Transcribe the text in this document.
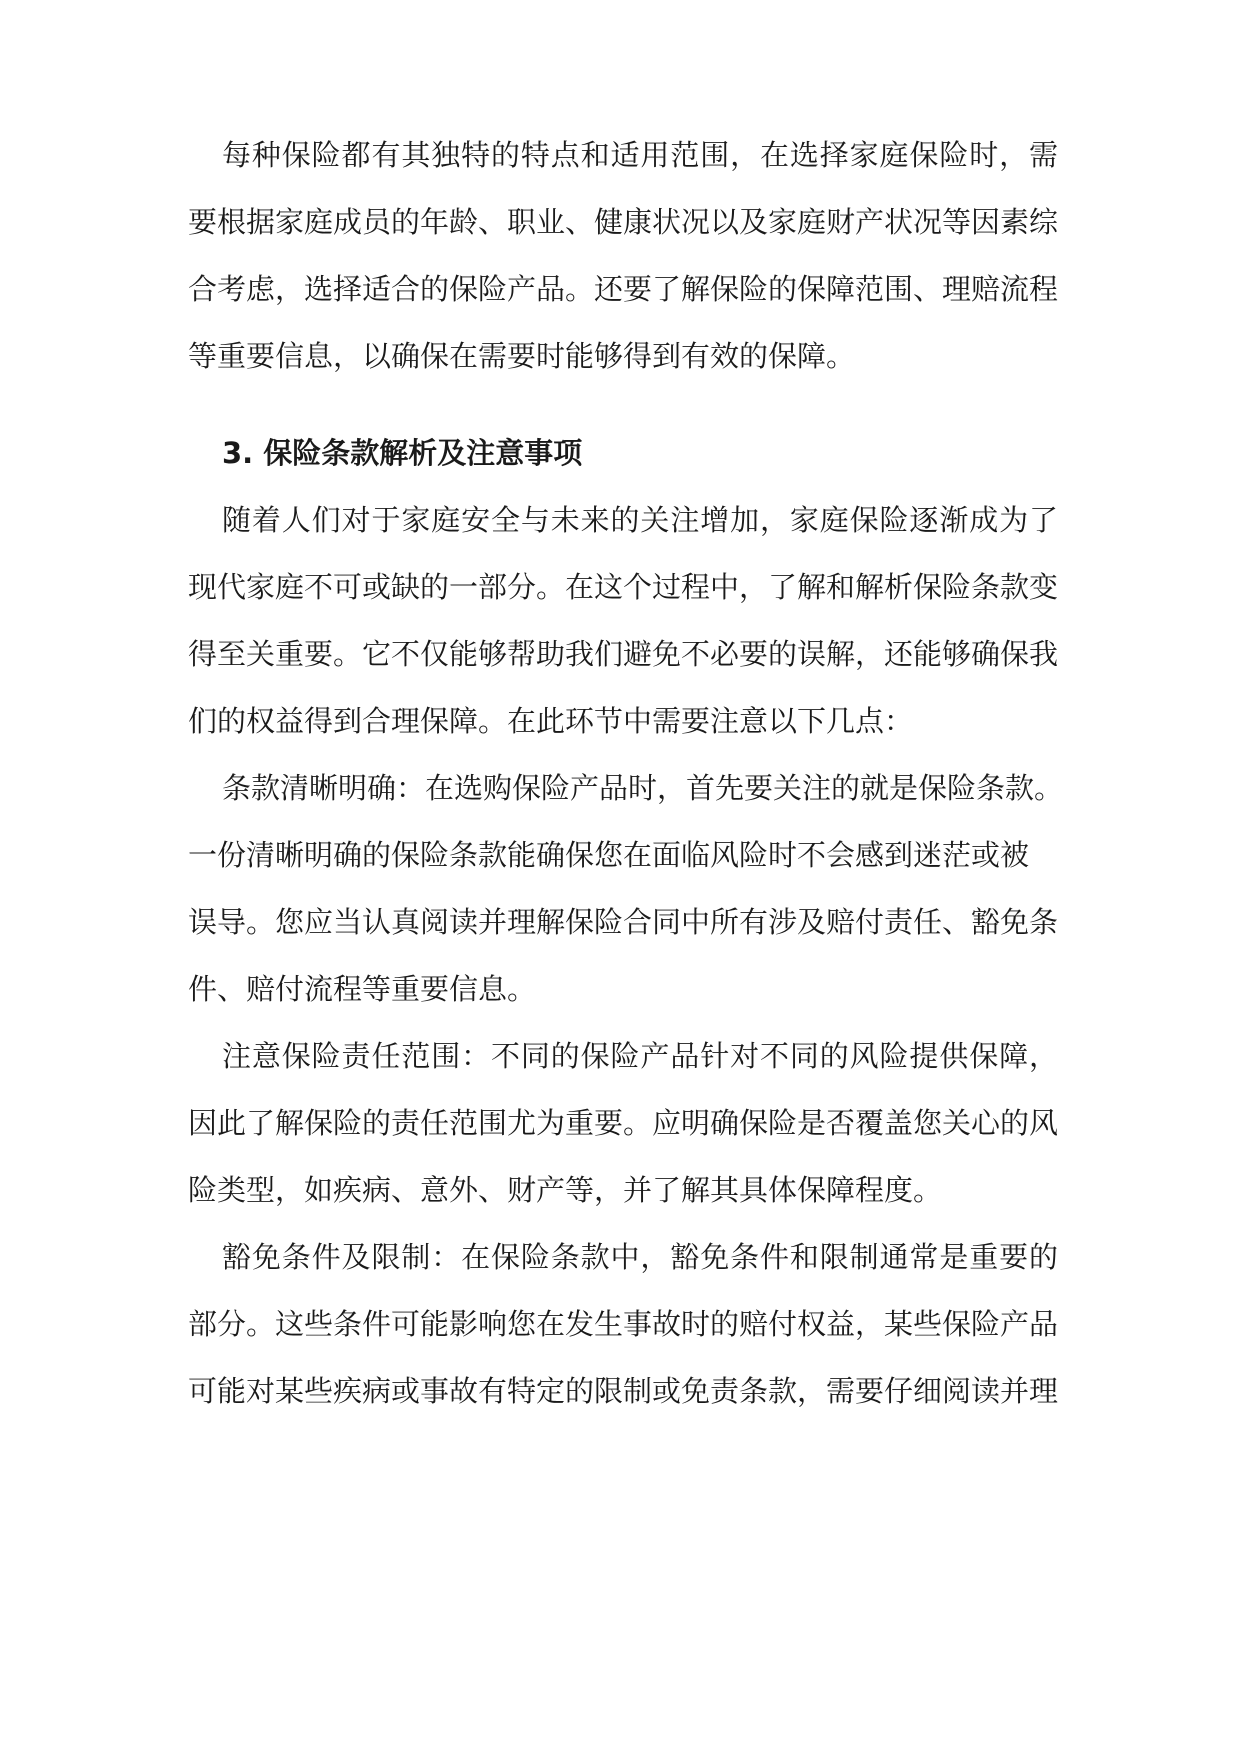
每种保险都有其独特的特点和适用范围，在选择家庭保险时，需
要根据家庭成员的年龄、职业、健康状况以及家庭财产状况等因素综
合考虑，选择适合的保险产品。还要了解保险的保障范围、理赔流程
等重要信息，以确保在需要时能够得到有效的保障。
3. 保险条款解析及注意事项
随着人们对于家庭安全与未来的关注增加，家庭保险逐渐成为了
现代家庭不可或缺的一部分。在这个过程中，了解和解析保险条款变
得至关重要。它不仅能够帮助我们避免不必要的误解，还能够确保我
们的权益得到合理保障。在此环节中需要注意以下几点：
条款清晰明确：在选购保险产品时，首先要关注的就是保险条款。
一份清晰明确的保险条款能确保您在面临风险时不会感到迷茫或被
误导。您应当认真阅读并理解保险合同中所有涉及赔付责任、豁免条
件、赔付流程等重要信息。
注意保险责任范围：不同的保险产品针对不同的风险提供保障，
因此了解保险的责任范围尤为重要。应明确保险是否覆盖您关心的风
险类型，如疾病、意外、财产等，并了解其具体保障程度。
豁免条件及限制：在保险条款中，豁免条件和限制通常是重要的
部分。这些条件可能影响您在发生事故时的赔付权益，某些保险产品
可能对某些疾病或事故有特定的限制或免责条款，需要仔细阅读并理
